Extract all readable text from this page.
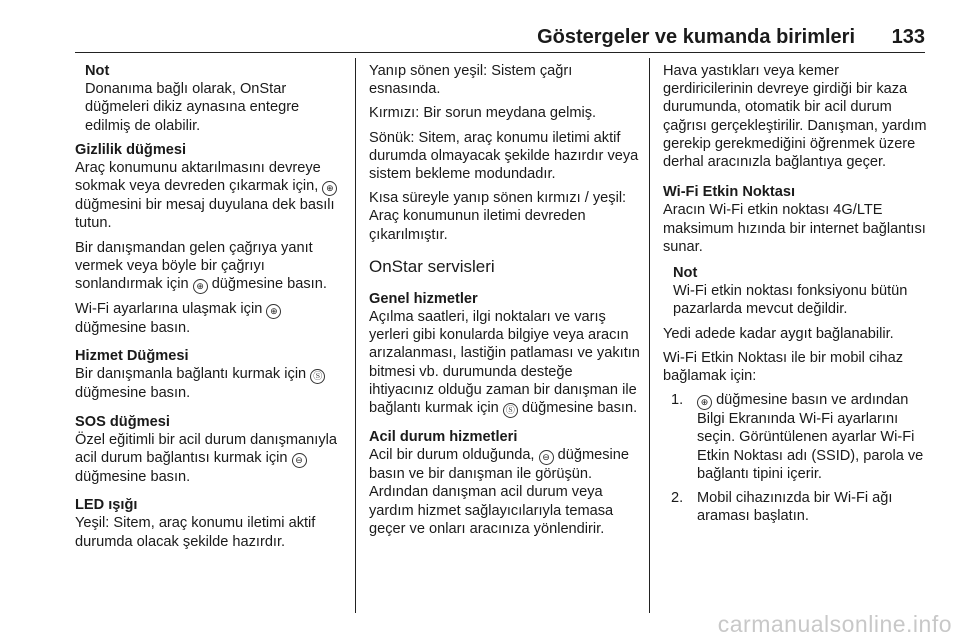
Göstergeler ve kumanda birimleri 133

Not

Donanıma bağlı olarak, OnStar düğmeleri dikiz aynasına entegre edilmiş de olabilir.

Gizlilik düğmesi

Araç konumunu aktarılmasını devreye sokmak veya devreden çıkarmak için, ⊕ düğmesini bir mesaj duyulana dek basılı tutun.

Bir danışmandan gelen çağrıya yanıt vermek veya böyle bir çağrıyı sonlandırmak için ⊕ düğmesine basın.

Wi-Fi ayarlarına ulaşmak için ⊕ düğmesine basın.

Hizmet Düğmesi

Bir danışmanla bağlantı kurmak için Ⓢ düğmesine basın.

SOS düğmesi

Özel eğitimli bir acil durum danışmanıyla acil durum bağlantısı kurmak için ⊖ düğmesine basın.

LED ışığı

Yeşil: Sitem, araç konumu iletimi aktif durumda olacak şekilde hazırdır.

Yanıp sönen yeşil: Sistem çağrı esnasında.

Kırmızı: Bir sorun meydana gelmiş.

Sönük: Sitem, araç konumu iletimi aktif durumda olmayacak şekilde hazırdır veya sistem bekleme modundadır.

Kısa süreyle yanıp sönen kırmızı / yeşil: Araç konumunun iletimi devreden çıkarılmıştır.

OnStar servisleri

Genel hizmetler

Açılma saatleri, ilgi noktaları ve varış yerleri gibi konularda bilgiye veya aracın arızalanması, lastiğin patlaması ve yakıtın bitmesi vb. durumunda desteğe ihtiyacınız olduğu zaman bir danışman ile bağlantı kurmak için Ⓢ düğmesine basın.

Acil durum hizmetleri

Acil bir durum olduğunda, ⊖ düğmesine basın ve bir danışman ile görüşün. Ardından danışman acil durum veya yardım hizmet sağlayıcılarıyla temasa geçer ve onları aracınıza yönlendirir.

Hava yastıkları veya kemer gerdiricilerinin devreye girdiği bir kaza durumunda, otomatik bir acil durum çağrısı gerçekleştirilir. Danışman, yardım gerekip gerekmediğini öğrenmek üzere derhal aracınızla bağlantıya geçer.

Wi-Fi Etkin Noktası

Aracın Wi-Fi etkin noktası 4G/LTE maksimum hızında bir internet bağlantısı sunar.

Not

Wi-Fi etkin noktası fonksiyonu bütün pazarlarda mevcut değildir.

Yedi adede kadar aygıt bağlanabilir.

Wi-Fi Etkin Noktası ile bir mobil cihaz bağlamak için:

1.	⊕ düğmesine basın ve ardından Bilgi Ekranında Wi-Fi ayarlarını seçin. Görüntülenen ayarlar Wi-Fi Etkin Noktası adı (SSID), parola ve bağlantı tipini içerir.
2. Mobil cihazınızda bir Wi-Fi ağı araması başlatın.
carmanualsonline.info
